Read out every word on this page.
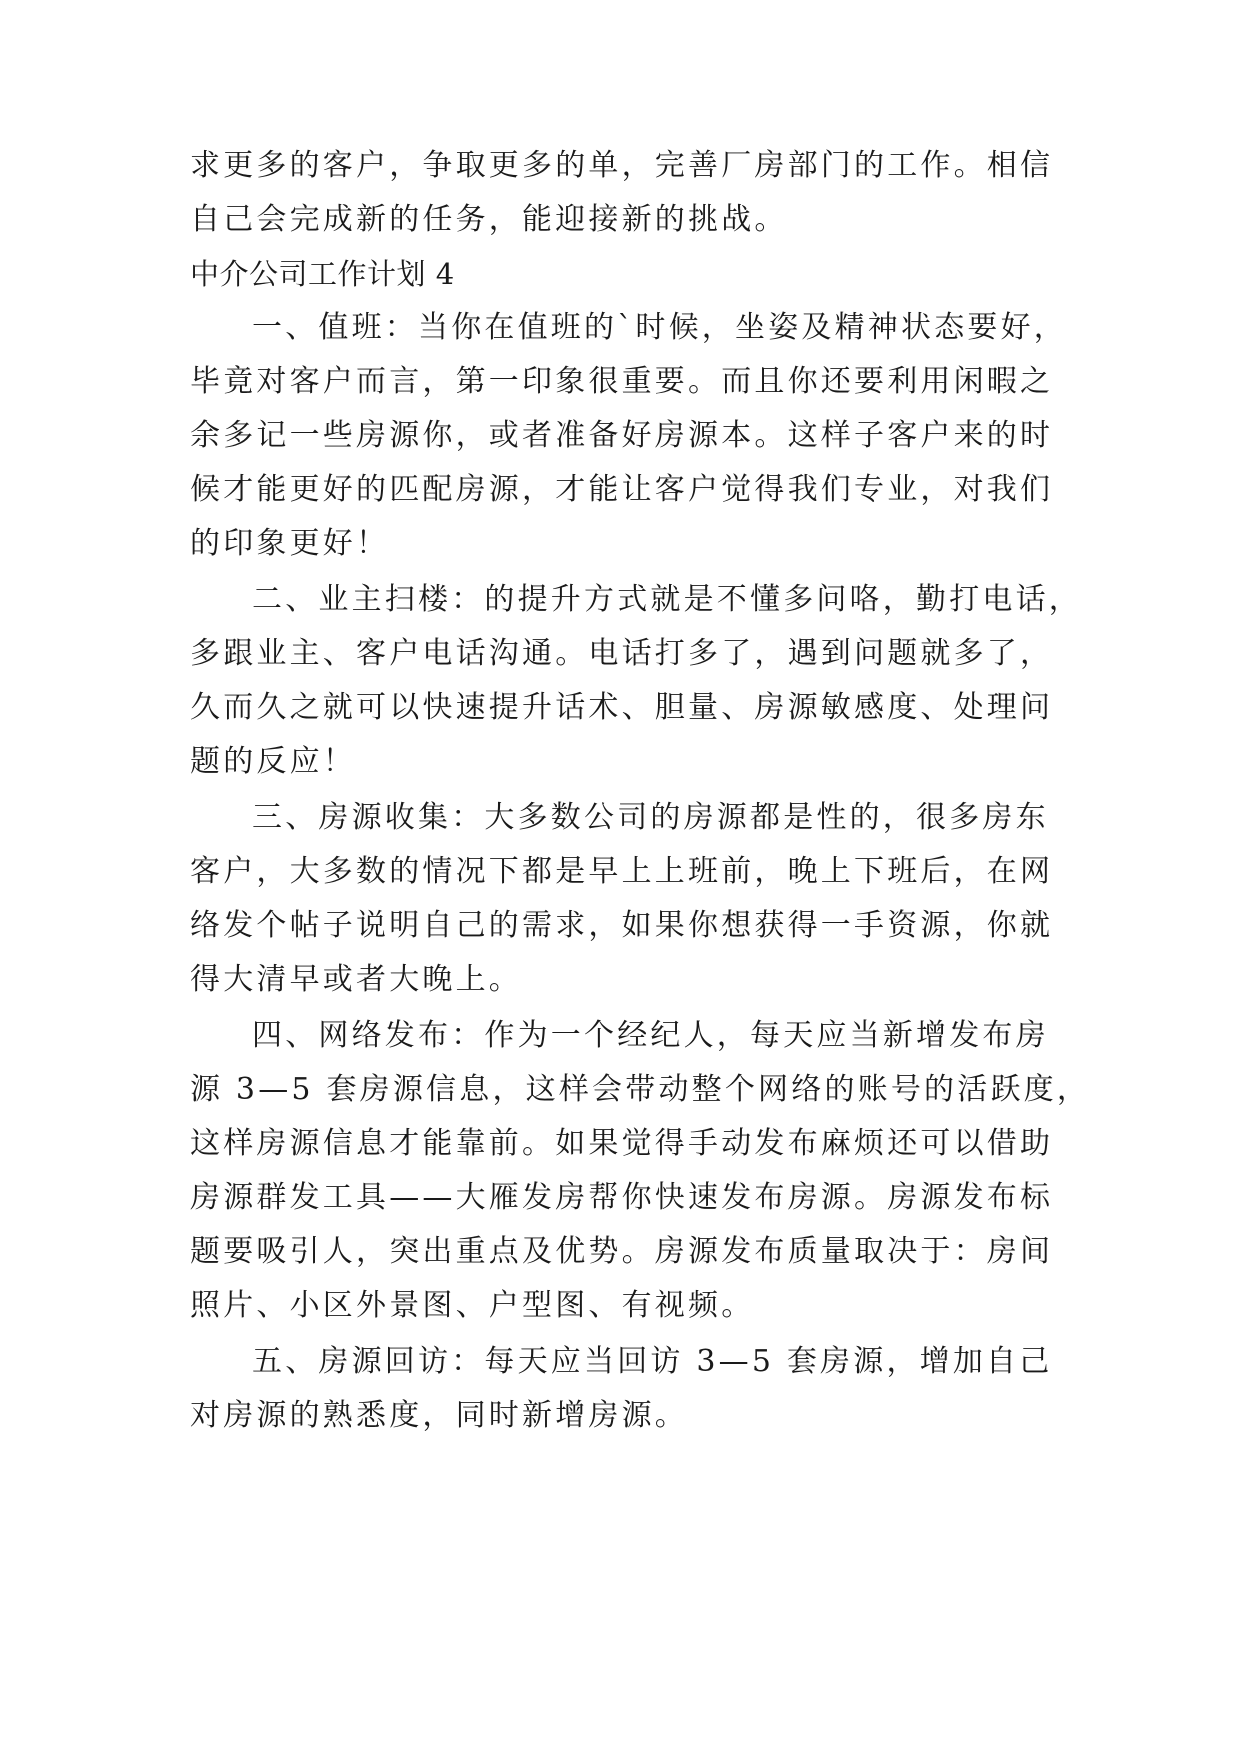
求更多的客户，争取更多的单，完善厂房部门的工作。相信
自己会完成新的任务，能迎接新的挑战。
中介公司工作计划 4
一、值班：当你在值班的`时候，坐姿及精神状态要好，
毕竟对客户而言，第一印象很重要。而且你还要利用闲暇之
余多记一些房源你，或者准备好房源本。这样子客户来的时
候才能更好的匹配房源，才能让客户觉得我们专业，对我们
的印象更好！
二、业主扫楼：的提升方式就是不懂多问咯，勤打电话，
多跟业主、客户电话沟通。电话打多了，遇到问题就多了，
久而久之就可以快速提升话术、胆量、房源敏感度、处理问
题的反应！
三、房源收集：大多数公司的房源都是性的，很多房东
客户，大多数的情况下都是早上上班前，晚上下班后，在网
络发个帖子说明自己的需求，如果你想获得一手资源，你就
得大清早或者大晚上。
四、网络发布：作为一个经纪人，每天应当新增发布房
源 3—5 套房源信息，这样会带动整个网络的账号的活跃度，
这样房源信息才能靠前。如果觉得手动发布麻烦还可以借助
房源群发工具——大雁发房帮你快速发布房源。房源发布标
题要吸引人，突出重点及优势。房源发布质量取决于：房间
照片、小区外景图、户型图、有视频。
五、房源回访：每天应当回访 3—5 套房源，增加自己
对房源的熟悉度，同时新增房源。
